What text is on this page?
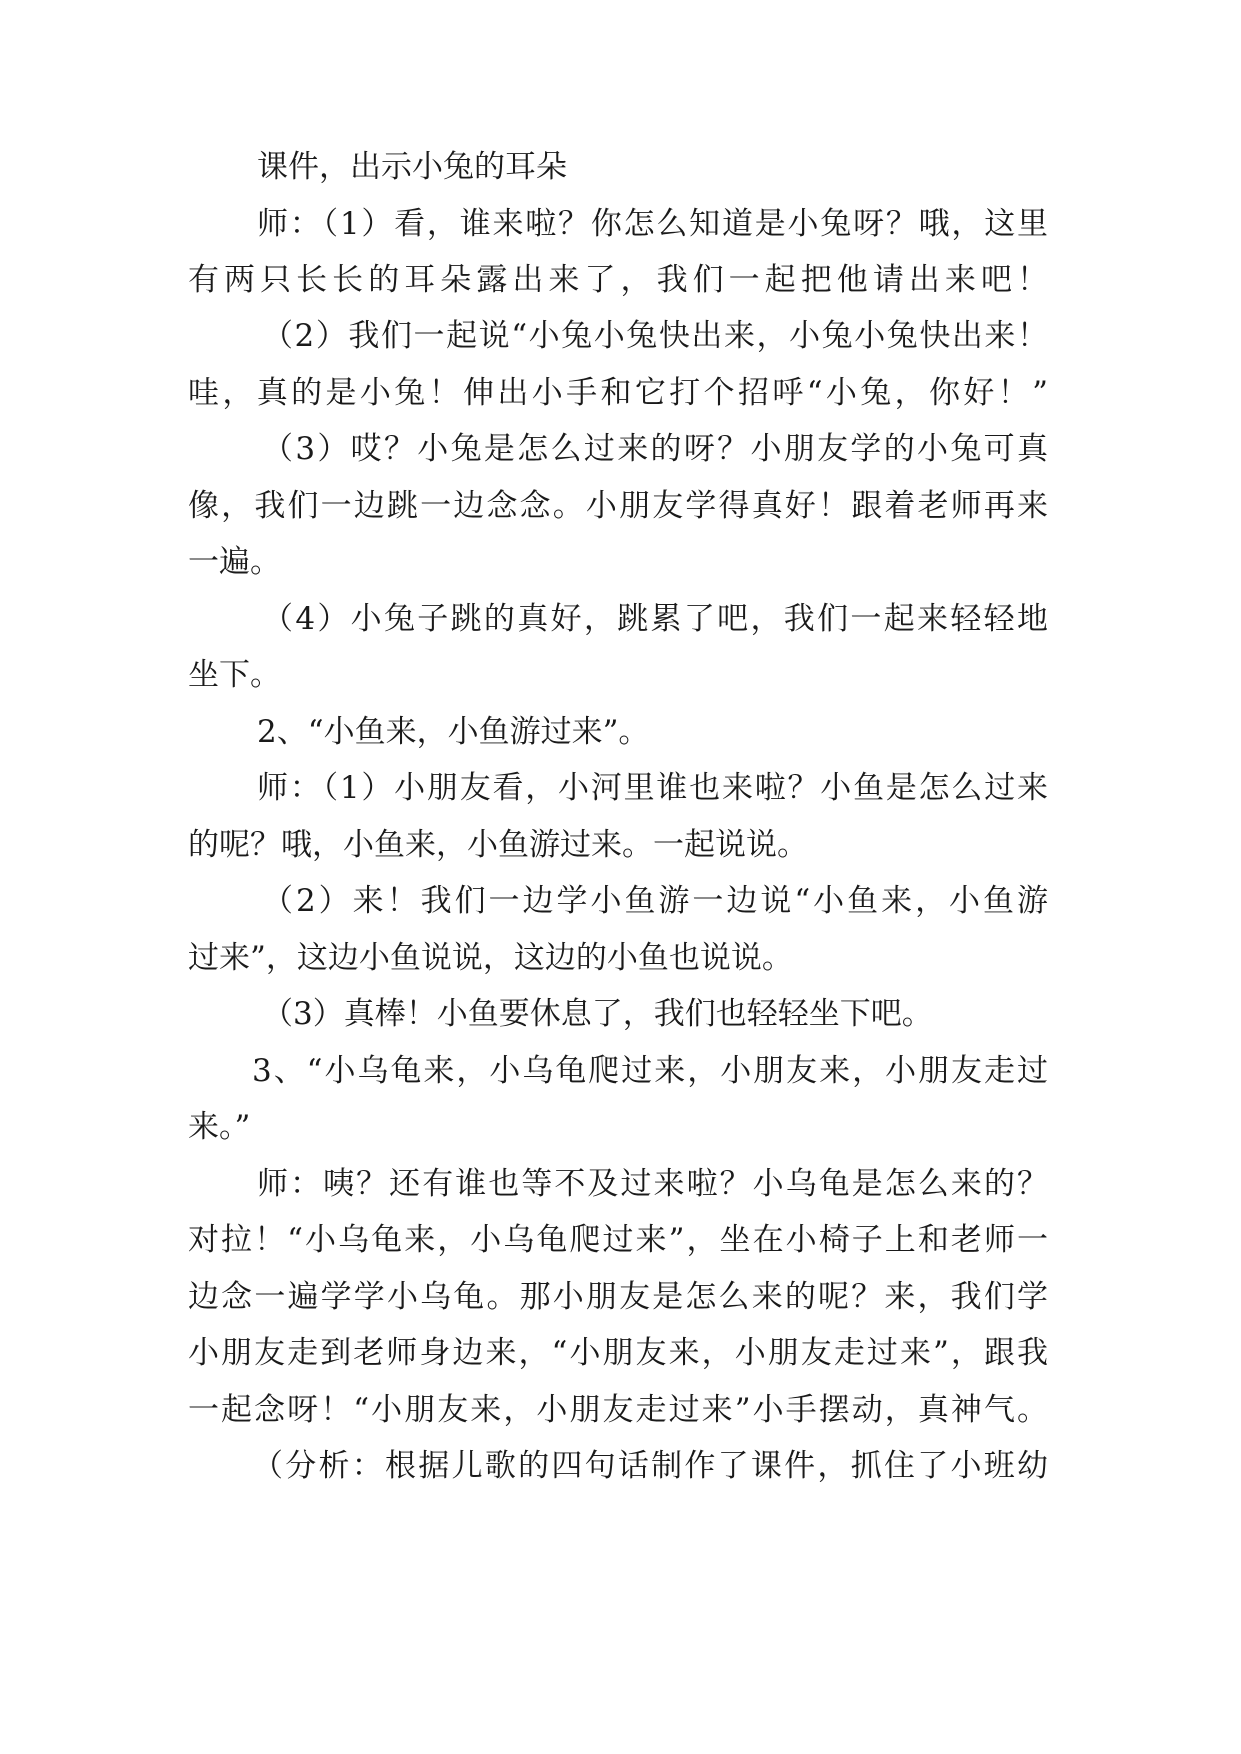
课件，出示小兔的耳朵
师：（1）看，谁来啦？你怎么知道是小兔呀？哦，这里
有两只长长的耳朵露出来了，我们一起把他请出来吧！
（2）我们一起说“小兔小兔快出来，小兔小兔快出来！
哇，真的是小兔！伸出小手和它打个招呼“小兔，你好！”
（3）哎？小兔是怎么过来的呀？小朋友学的小兔可真
像，我们一边跳一边念念。小朋友学得真好！跟着老师再来
一遍。
（4）小兔子跳的真好，跳累了吧，我们一起来轻轻地
坐下。
2、“小鱼来，小鱼游过来”。
师：（1）小朋友看，小河里谁也来啦？小鱼是怎么过来
的呢？哦，小鱼来，小鱼游过来。一起说说。
（2）来！我们一边学小鱼游一边说“小鱼来，小鱼游
过来”，这边小鱼说说，这边的小鱼也说说。
（3）真棒！小鱼要休息了，我们也轻轻坐下吧。
3、“小乌龟来，小乌龟爬过来，小朋友来，小朋友走过
来。”
师：咦？还有谁也等不及过来啦？小乌龟是怎么来的？
对拉！“小乌龟来，小乌龟爬过来”，坐在小椅子上和老师一
边念一遍学学小乌龟。那小朋友是怎么来的呢？来，我们学
小朋友走到老师身边来，“小朋友来，小朋友走过来”，跟我
一起念呀！“小朋友来，小朋友走过来”小手摆动，真神气。
（分析：根据儿歌的四句话制作了课件，抓住了小班幼
